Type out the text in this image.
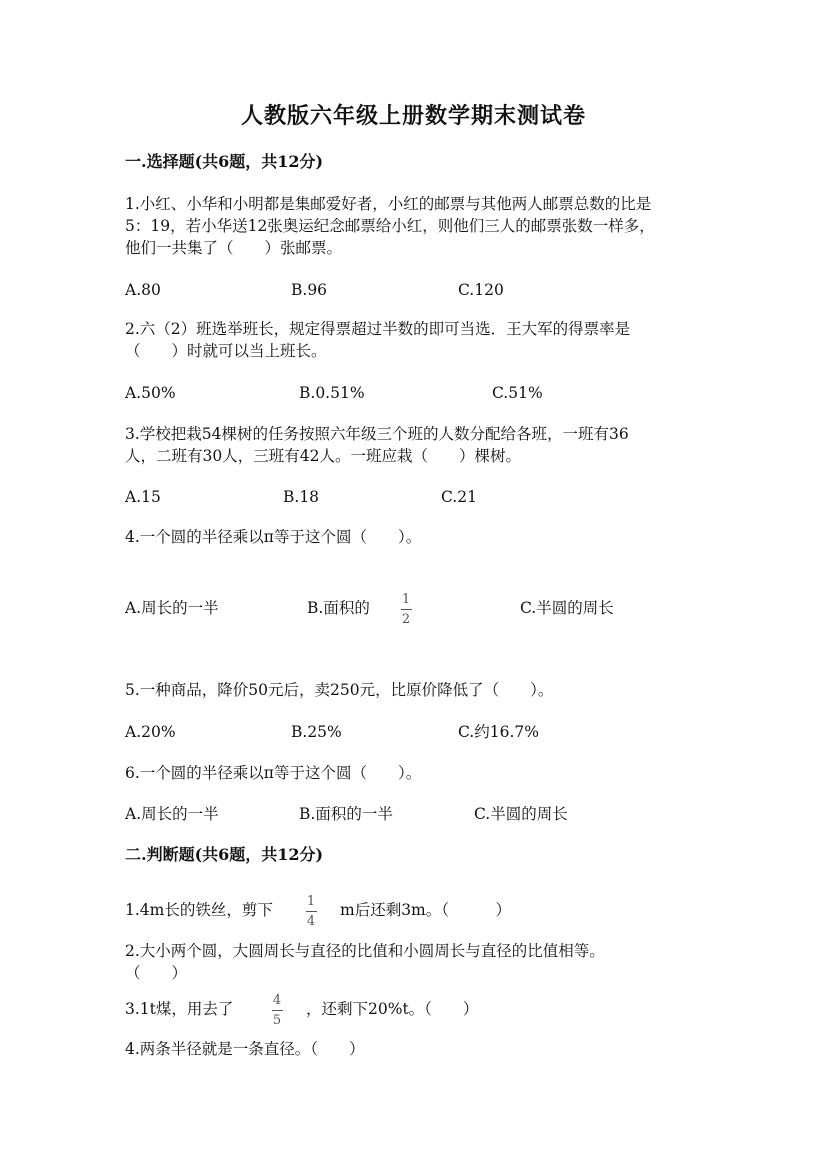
人教版六年级上册数学期末测试卷
一.选择题(共6题，共12分)
1.小红、小华和小明都是集邮爱好者，小红的邮票与其他两人邮票总数的比是
5：19，若小华送12张奥运纪念邮票给小红，则他们三人的邮票张数一样多，
他们一共集了（　　）张邮票。
A.80	B.96	C.120
2.六（2）班选举班长，规定得票超过半数的即可当选．王大军的得票率是
（　　）时就可以当上班长。
A.50%	B.0.51%	C.51%
3.学校把栽54棵树的任务按照六年级三个班的人数分配给各班，一班有36
人，二班有30人，三班有42人。一班应栽（　　）棵树。
A.15	B.18	C.21
4.一个圆的半径乘以π等于这个圆（　　）。
A.周长的一半	B.面积的 1
2
C.半圆的周长
5.一种商品，降价50元后，卖250元，比原价降低了（　　）。
A.20%	B.25%	C.约16.7%
6.一个圆的半径乘以π等于这个圆（　　）。
A.周长的一半	B.面积的一半	C.半圆的周长
二.判断题(共6题，共12分)
1.4m长的铁丝，剪下	1
4
m后还剩3m。（　　　）
2.大小两个圆，大圆周长与直径的比值和小圆周长与直径的比值相等。
（　　）
3.1t煤，用去了	4
5
，还剩下20%t。（　　）
4.两条半径就是一条直径。（　　）
